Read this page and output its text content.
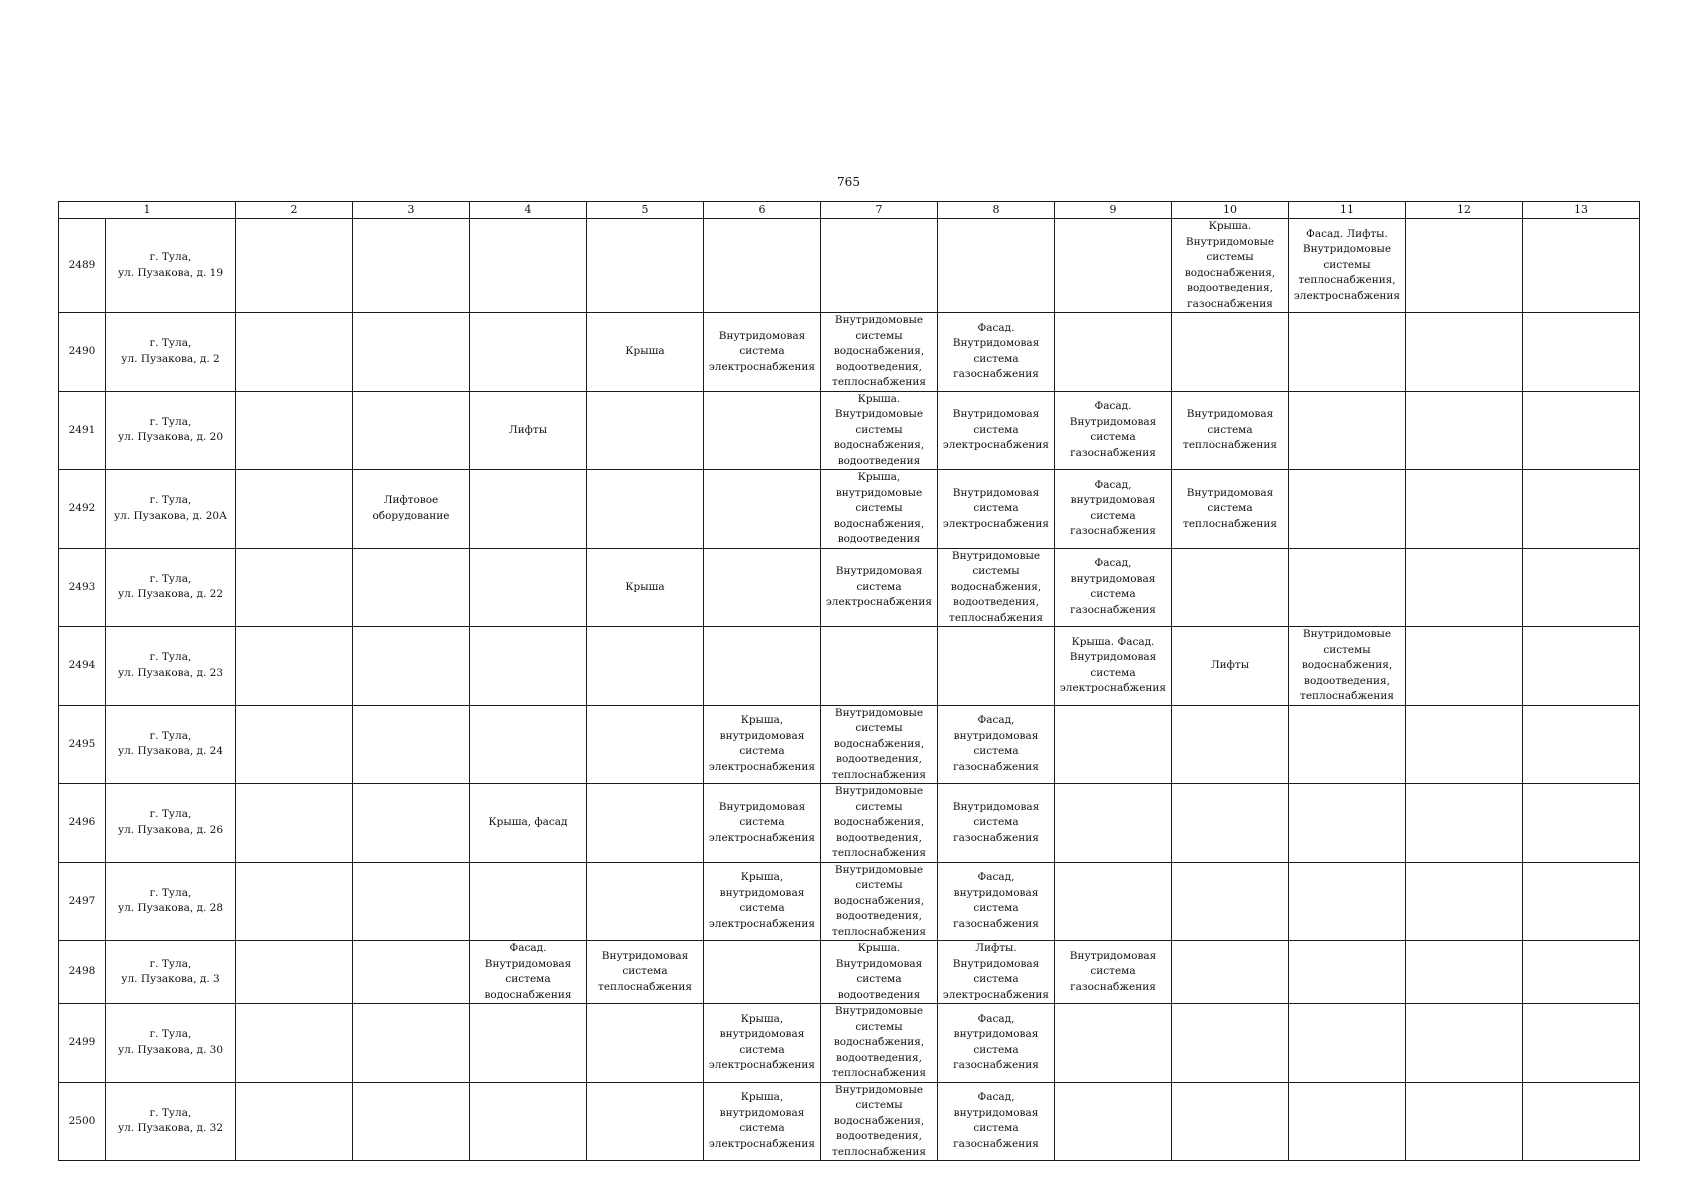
765
1		2	3	4	5	6	7	8	9	10	11	12	13
2489	г. Тула,
ул. Пузакова, д. 19									Крыша. Внутридомовые системы водоснабжения, водоотведения, газоснабжения	Фасад. Лифты. Внутридомовые системы теплоснабжения, электроснабжения		

2490	г. Тула,
ул. Пузакова, д. 2				Крыша	Внутридомовая система электроснабжения	Внутридомовые системы водоснабжения, водоотведения, теплоснабжения	Фасад. Внутридомовая система газоснабжения					

2491	г. Тула,
ул. Пузакова, д. 20			Лифты			Крыша. Внутридомовые системы водоснабжения, водоотведения	Внутридомовая система электроснабжения	Фасад. Внутридомовая система газоснабжения	Внутридомовая система теплоснабжения			

2492	г. Тула,
ул. Пузакова, д. 20А		Лифтовое оборудование				Крыша, внутридомовые системы водоснабжения, водоотведения	Внутридомовая система электроснабжения	Фасад, внутридомовая система газоснабжения	Внутридомовая система теплоснабжения			

2493	г. Тула,
ул. Пузакова, д. 22				Крыша		Внутридомовая система электроснабжения	Внутридомовые системы водоснабжения, водоотведения, теплоснабжения	Фасад, внутридомовая система газоснабжения				

2494	г. Тула,
ул. Пузакова, д. 23								Крыша. Фасад. Внутридомовая система электроснабжения	Лифты	Внутридомовые системы водоснабжения, водоотведения, теплоснабжения		

2495	г. Тула,
ул. Пузакова, д. 24					Крыша, внутридомовая система электроснабжения	Внутридомовые системы водоснабжения, водоотведения, теплоснабжения	Фасад, внутридомовая система газоснабжения					

2496	г. Тула,
ул. Пузакова, д. 26			Крыша, фасад		Внутридомовая система электроснабжения	Внутридомовые системы водоснабжения, водоотведения, теплоснабжения	Внутридомовая система газоснабжения					

2497	г. Тула,
ул. Пузакова, д. 28					Крыша, внутридомовая система электроснабжения	Внутридомовые системы водоснабжения, водоотведения, теплоснабжения	Фасад, внутридомовая система газоснабжения					

2498	г. Тула,
ул. Пузакова, д. 3			Фасад. Внутридомовая система водоснабжения	Внутридомовая система теплоснабжения		Крыша. Внутридомовая система водоотведения	Лифты. Внутридомовая система электроснабжения	Внутридомовая система газоснабжения				

2499	г. Тула,
ул. Пузакова, д. 30					Крыша, внутридомовая система электроснабжения	Внутридомовые системы водоснабжения, водоотведения, теплоснабжения	Фасад, внутридомовая система газоснабжения					

2500	г. Тула,
ул. Пузакова, д. 32					Крыша, внутридомовая система электроснабжения	Внутридомовые системы водоснабжения, водоотведения, теплоснабжения	Фасад, внутридомовая система газоснабжения					
